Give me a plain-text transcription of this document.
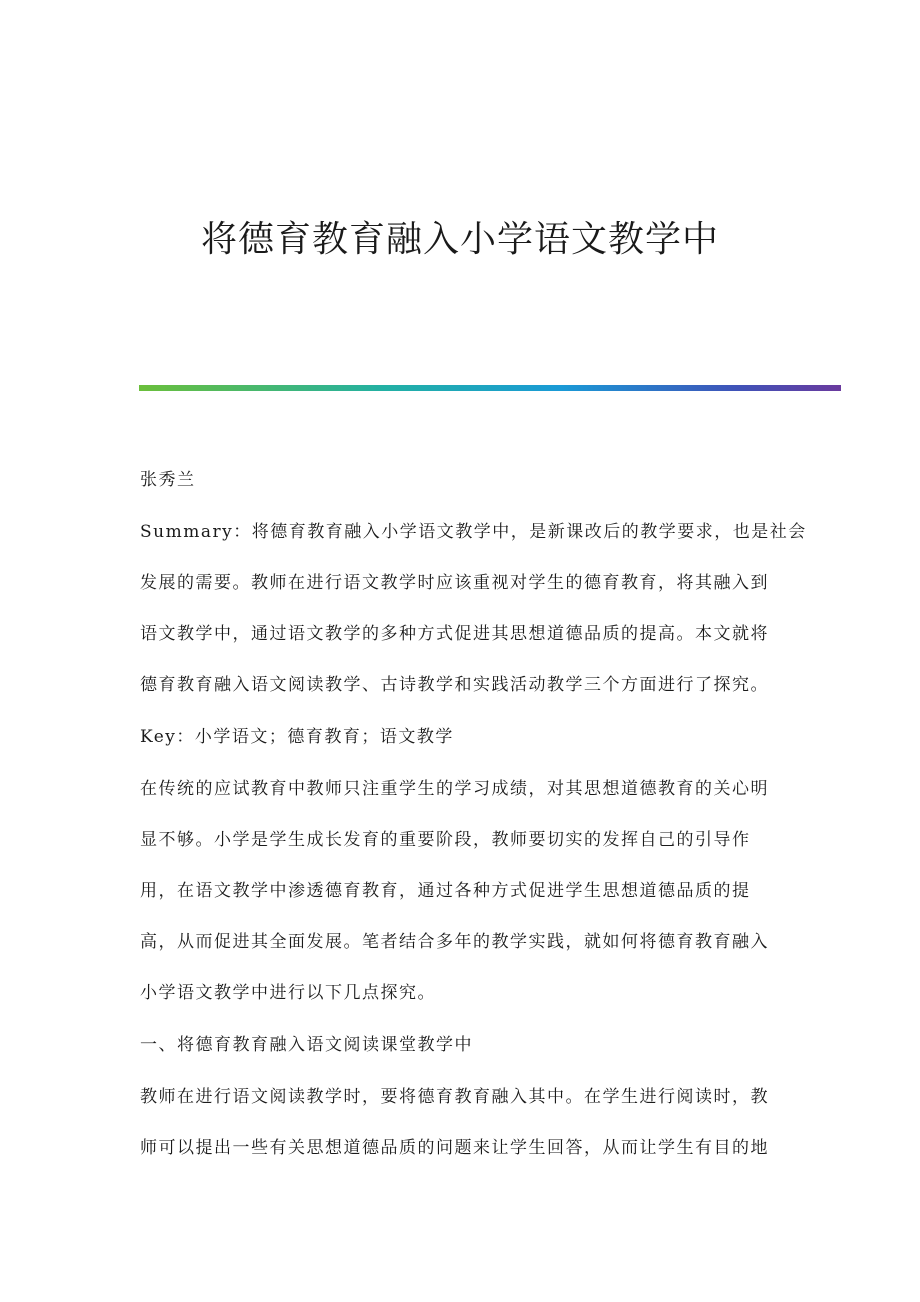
将德育教育融入小学语文教学中
张秀兰
Summary：将德育教育融入小学语文教学中，是新课改后的教学要求，也是社会
发展的需要。教师在进行语文教学时应该重视对学生的德育教育，将其融入到
语文教学中，通过语文教学的多种方式促进其思想道德品质的提高。本文就将
德育教育融入语文阅读教学、古诗教学和实践活动教学三个方面进行了探究。
Key：小学语文；德育教育；语文教学
在传统的应试教育中教师只注重学生的学习成绩，对其思想道德教育的关心明
显不够。小学是学生成长发育的重要阶段，教师要切实的发挥自己的引导作
用，在语文教学中渗透德育教育，通过各种方式促进学生思想道德品质的提
高，从而促进其全面发展。笔者结合多年的教学实践，就如何将德育教育融入
小学语文教学中进行以下几点探究。
一、将德育教育融入语文阅读课堂教学中
教师在进行语文阅读教学时，要将德育教育融入其中。在学生进行阅读时，教
师可以提出一些有关思想道德品质的问题来让学生回答，从而让学生有目的地
